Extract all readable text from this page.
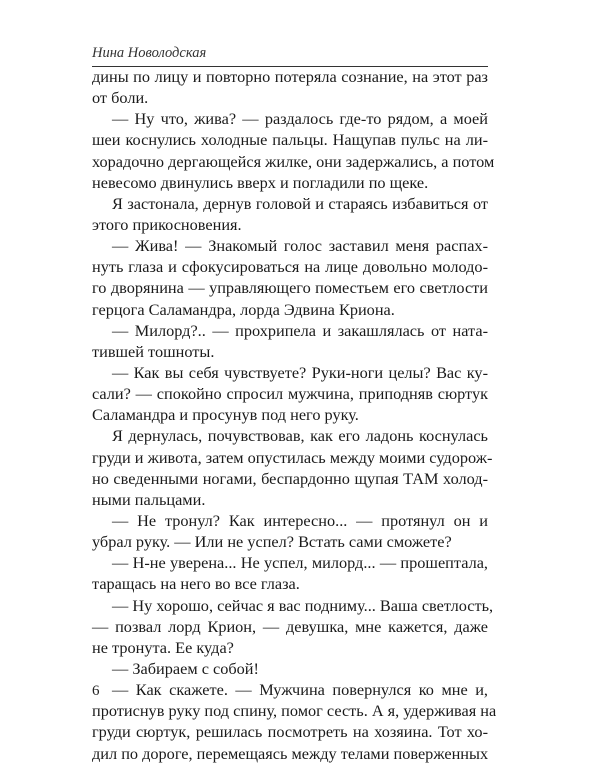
Нина Новолодская
дины по лицу и повторно потеряла сознание, на этот раз
от боли.
— Ну что, жива? — раздалось где-то рядом, а моей
шеи коснулись холодные пальцы. Нащупав пульс на ли-
хорадочно дергающейся жилке, они задержались, а потом
невесомо двинулись вверх и погладили по щеке.
Я застонала, дернув головой и стараясь избавиться от
этого прикосновения.
— Жива! — Знакомый голос заставил меня распах-
нуть глаза и сфокусироваться на лице довольно молодо-
го дворянина — управляющего поместьем его светлости
герцога Саламандра, лорда Эдвина Криона.
— Милорд?.. — прохрипела и закашлялась от ната-
тившей тошноты.
— Как вы себя чувствуете? Руки-ноги целы? Вас ку-
сали? — спокойно спросил мужчина, приподняв сюртук
Саламандра и просунув под него руку.
Я дернулась, почувствовав, как его ладонь коснулась
груди и живота, затем опустилась между моими судорож-
но сведенными ногами, беспардонно щупая ТАМ холод-
ными пальцами.
— Не тронул? Как интересно... — протянул он и
убрал руку. — Или не успел? Встать сами сможете?
— Н-не уверена... Не успел, милорд... — прошептала,
таращась на него во все глаза.
— Ну хорошо, сейчас я вас подниму... Ваша светлость,
— позвал лорд Крион, — девушка, мне кажется, даже
не тронута. Ее куда?
— Забираем с собой!
— Как скажете. — Мужчина повернулся ко мне и,
протиснув руку под спину, помог сесть. А я, удерживая на
груди сюртук, решилась посмотреть на хозяина. Тот хо-
дил по дороге, перемещаясь между телами поверженных
6
